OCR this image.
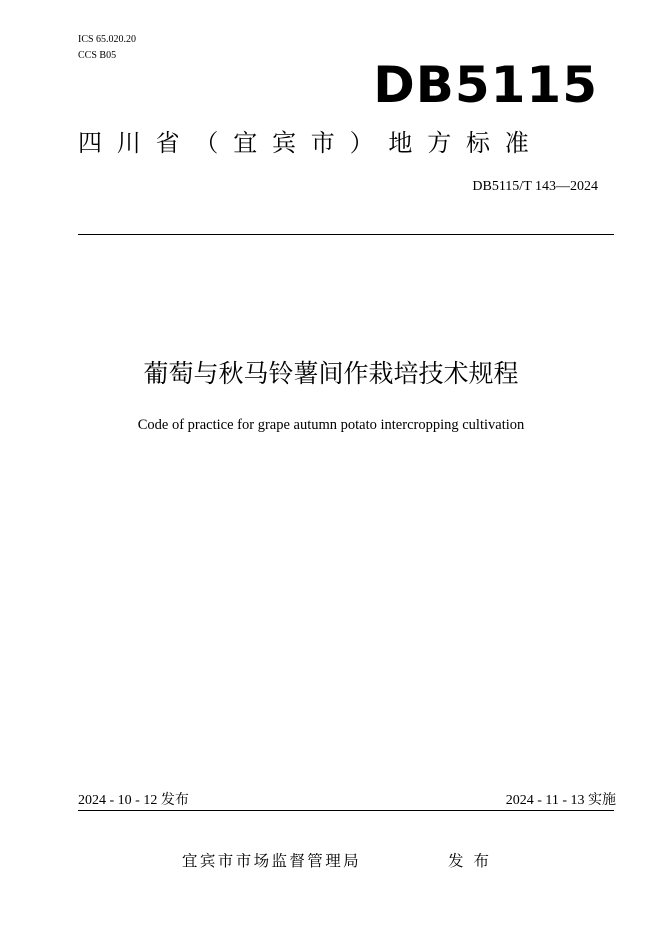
ICS 65.020.20
CCS B05
DB5115
四川省（宜宾市）地方标准
DB5115/T 143—2024
葡萄与秋马铃薯间作栽培技术规程
Code of practice for grape autumn potato intercropping cultivation
2024 - 10 - 12 发布	2024 - 11 - 13 实施
宜宾市市场监督管理局	发布
